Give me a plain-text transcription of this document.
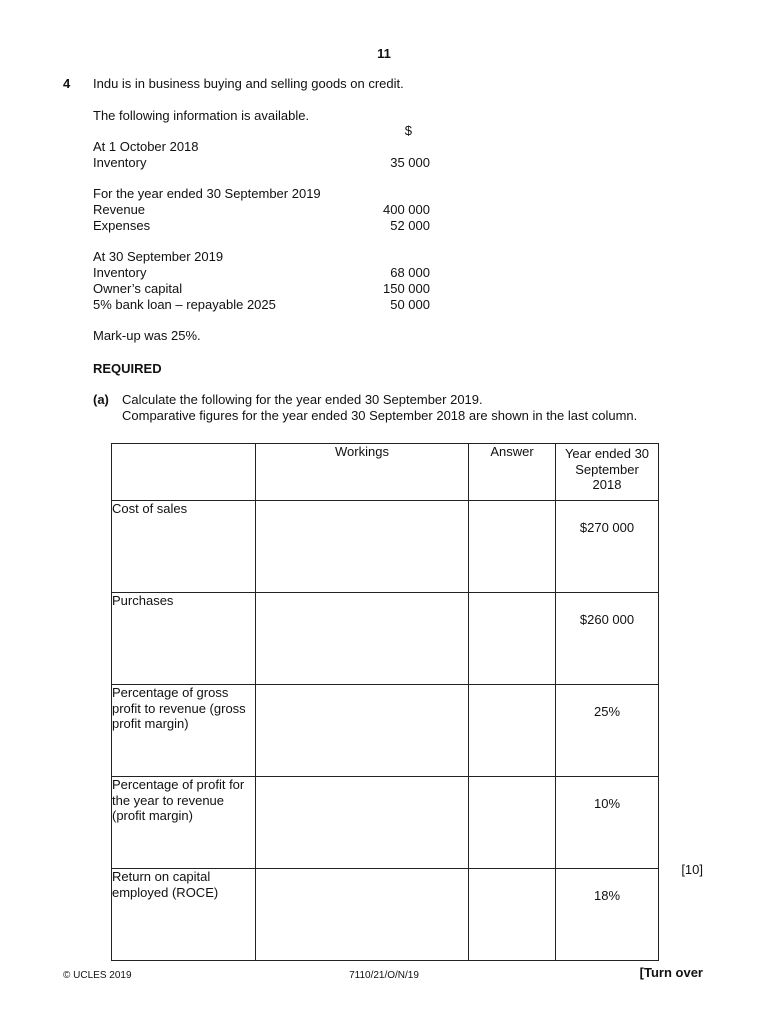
11
4 Indu is in business buying and selling goods on credit.
The following information is available.
$
At 1 October 2018
Inventory	35 000
For the year ended 30 September 2019
Revenue	400 000
Expenses	52 000
At 30 September 2019
Inventory	68 000
Owner’s capital	150 000
5% bank loan – repayable 2025	50 000
Mark-up was 25%.
REQUIRED
(a) Calculate the following for the year ended 30 September 2019.
Comparative figures for the year ended 30 September 2018 are shown in the last column.
	Workings	Answer	Year ended 30 September 2018
Cost of sales			$270 000
Purchases			$260 000
Percentage of gross profit to revenue (gross profit margin)			25%
Percentage of profit for the year to revenue (profit margin)			10%
Return on capital employed (ROCE)			18%
[10]
© UCLES 2019	7110/21/O/N/19	[Turn over
